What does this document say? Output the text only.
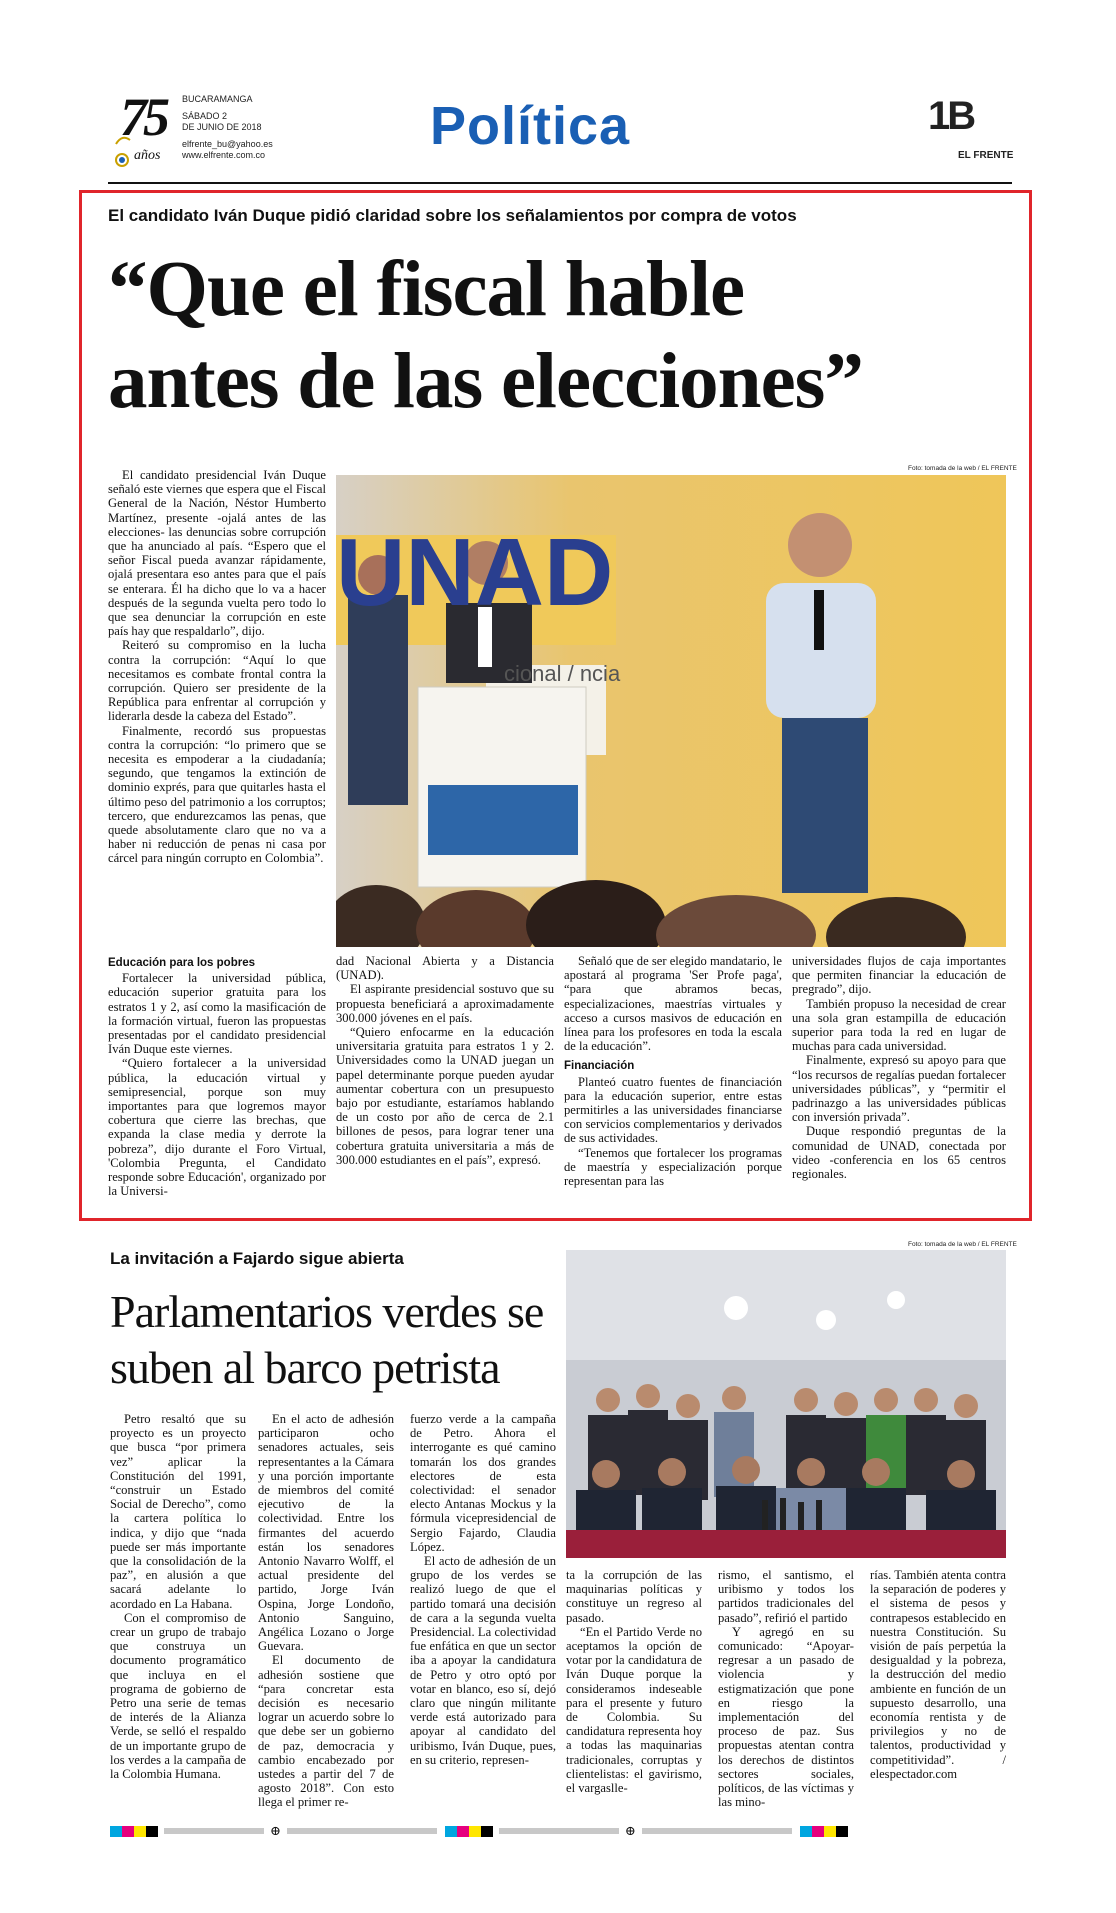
75
años
BUCARAMANGA
SÁBADO 2
DE JUNIO DE 2018
elfrente_bu@yahoo.es
www.elfrente.com.co	Política	1B
EL FRENTE
El candidato Iván Duque pidió claridad sobre los señalamientos por compra de votos
“Que el fiscal hable
antes de las elecciones”
Foto: tomada de la web / EL FRENTE
UNAD
cional / ncia

El candidato presidencial Iván Duque señaló este viernes que espera que el Fiscal General de la Nación, Néstor Humberto Martínez, presente -ojalá antes de las elecciones- las denuncias sobre corrupción que ha anunciado al país. “Espero que el señor Fiscal pueda avanzar rápidamente, ojalá presentara eso antes para que el país se enterara. Él ha dicho que lo va a hacer después de la segunda vuelta pero todo lo que sea denunciar la corrupción en este país hay que respaldarlo”, dijo.

Reiteró su compromiso en la lucha contra la corrupción: “Aquí lo que necesitamos es combate frontal contra la corrupción. Quiero ser presidente de la República para enfrentar al corrupción y liderarla desde la cabeza del Estado”.

Finalmente, recordó sus propuestas contra la corrupción: “lo primero que se necesita es empoderar a la ciudadanía; segundo, que tengamos la extinción de dominio exprés, para que quitarles hasta el último peso del patrimonio a los corruptos; tercero, que endurezcamos las penas, que quede absolutamente claro que no va a haber ni reducción de penas ni casa por cárcel para ningún corrupto en Colombia”.

Educación para los pobres

Fortalecer la universidad pública, educación superior gratuita para los estratos 1 y 2, así como la masificación de la formación virtual, fueron las propuestas presentadas por el candidato presidencial Iván Duque este viernes.

“Quiero fortalecer a la universidad pública, la educación virtual y semipresencial, porque son muy importantes para que logremos mayor cobertura que cierre las brechas, que expanda la clase media y derrote la pobreza”, dijo durante el Foro Virtual, 'Colombia Pregunta, el Candidato responde sobre Educación', organizado por la Universi-

dad Nacional Abierta y a Distancia (UNAD).

El aspirante presidencial sostuvo que su propuesta beneficiará a aproximadamente 300.000 jóvenes en el país.

“Quiero enfocarme en la educación universitaria gratuita para estratos 1 y 2. Universidades como la UNAD juegan un papel determinante porque pueden ayudar aumentar cobertura con un presupuesto bajo por estudiante, estaríamos hablando de un costo por año de cerca de 2.1 billones de pesos, para lograr tener una cobertura gratuita universitaria a más de 300.000 estudiantes en el país”, expresó.

Señaló que de ser elegido mandatario, le apostará al programa 'Ser Profe paga', “para que abramos becas, especializaciones, maestrías virtuales y acceso a cursos masivos de educación en línea para los profesores en toda la escala de la educación”.

Financiación

Planteó cuatro fuentes de financiación para la educación superior, entre estas permitirles a las universidades financiarse con servicios complementarios y derivados de sus actividades.

“Tenemos que fortalecer los programas de maestría y especialización porque representan para las

universidades flujos de caja importantes que permiten financiar la educación de pregrado”, dijo.

También propuso la necesidad de crear una sola gran estampilla de educación superior para toda la red en lugar de muchas para cada universidad.

Finalmente, expresó su apoyo para que “los recursos de regalías puedan fortalecer universidades públicas”, y “permitir el padrinazgo a las universidades públicas con inversión privada”.

Duque respondió preguntas de la comunidad de UNAD, conectada por video -conferencia en los 65 centros regionales.

La invitación a Fajardo sigue abierta
Parlamentarios verdes se
suben al barco petrista
Foto: tomada de la web / EL FRENTE

Petro resaltó que su proyecto es un proyecto que busca “por primera vez” aplicar la Constitución del 1991, “construir un Estado Social de Derecho”, como la cartera política lo indica, y dijo que “nada puede ser más importante que la consolidación de la paz”, en alusión a que sacará adelante lo acordado en La Habana.

Con el compromiso de crear un grupo de trabajo que construya un documento programático que incluya en el programa de gobierno de Petro una serie de temas de interés de la Alianza Verde, se selló el respaldo de un importante grupo de los verdes a la campaña de la Colombia Humana.

En el acto de adhesión participaron ocho senadores actuales, seis representantes a la Cámara y una porción importante de miembros del comité ejecutivo de la colectividad. Entre los firmantes del acuerdo están los senadores Antonio Navarro Wolff, el actual presidente del partido, Jorge Iván Ospina, Jorge Londoño, Antonio Sanguino, Angélica Lozano o Jorge Guevara.

El documento de adhesión sostiene que “para concretar esta decisión es necesario lograr un acuerdo sobre lo que debe ser un gobierno de paz, democracia y cambio encabezado por ustedes a partir del 7 de agosto 2018”. Con esto llega el primer re-

fuerzo verde a la campaña de Petro. Ahora el interrogante es qué camino tomarán los dos grandes electores de esta colectividad: el senador electo Antanas Mockus y la fórmula vicepresidencial de Sergio Fajardo, Claudia López.

El acto de adhesión de un grupo de los verdes se realizó luego de que el partido tomará una decisión de cara a la segunda vuelta Presidencial. La colectividad fue enfática en que un sector iba a apoyar la candidatura de Petro y otro optó por votar en blanco, eso sí, dejó claro que ningún militante verde está autorizado para apoyar al candidato del uribismo, Iván Duque, pues, en su criterio, represen-

ta la corrupción de las maquinarias políticas y constituye un regreso al pasado.

“En el Partido Verde no aceptamos la opción de votar por la candidatura de Iván Duque porque la consideramos indeseable para el presente y futuro de Colombia. Su candidatura representa hoy a todas las maquinarias tradicionales, corruptas y clientelistas: el gavirismo, el vargaslle-

rismo, el santismo, el uribismo y todos los partidos tradicionales del pasado”, refirió el partido

Y agregó en su comunicado: “Apoyar-regresar a un pasado de violencia y estigmatización que pone en riesgo la implementación del proceso de paz. Sus propuestas atentan contra los derechos de distintos sectores sociales, políticos, de las víctimas y las mino-

rías. También atenta contra la separación de poderes y el sistema de pesos y contrapesos establecido en nuestra Constitución. Su visión de país perpetúa la desigualdad y la pobreza, la destrucción del medio ambiente en función de un supuesto desarrollo, una economía rentista y de privilegios y no de talentos, productividad y competitividad”. / elespectador.com

⊕	⊕
